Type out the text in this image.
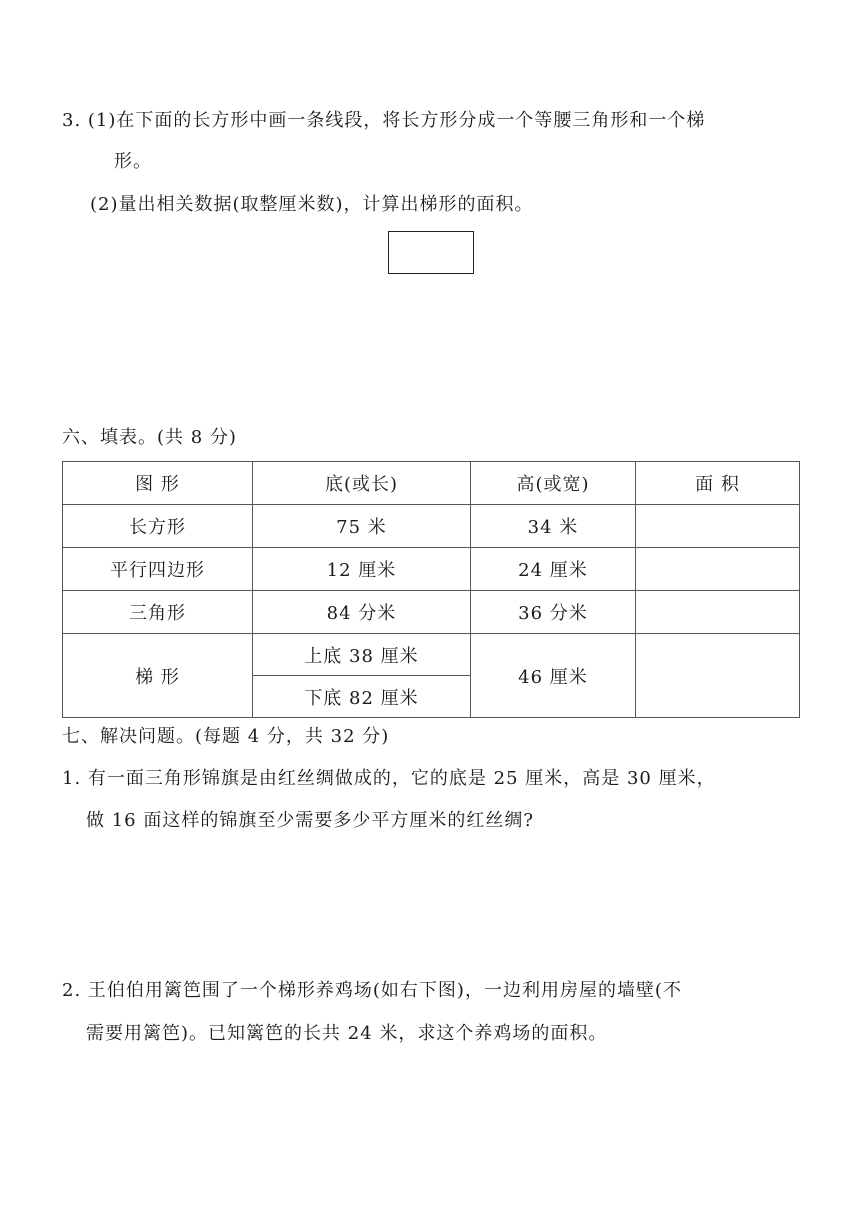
3. (1)在下面的长方形中画一条线段，将长方形分成一个等腰三角形和一个梯
形。
(2)量出相关数据(取整厘米数)，计算出梯形的面积。
六、填表。(共 8 分)
图 形	底(或长)	高(或宽)	面 积
长方形	75 米	34 米	
平行四边形	12 厘米	24 厘米	
三角形	84 分米	36 分米	
梯 形	上底 38 厘米	46 厘米	
	下底 82 厘米		
七、解决问题。(每题 4 分，共 32 分)
1. 有一面三角形锦旗是由红丝绸做成的，它的底是 25 厘米，高是 30 厘米，
做 16 面这样的锦旗至少需要多少平方厘米的红丝绸?
2. 王伯伯用篱笆围了一个梯形养鸡场(如右下图)，一边利用房屋的墙壁(不
需要用篱笆)。已知篱笆的长共 24 米，求这个养鸡场的面积。
